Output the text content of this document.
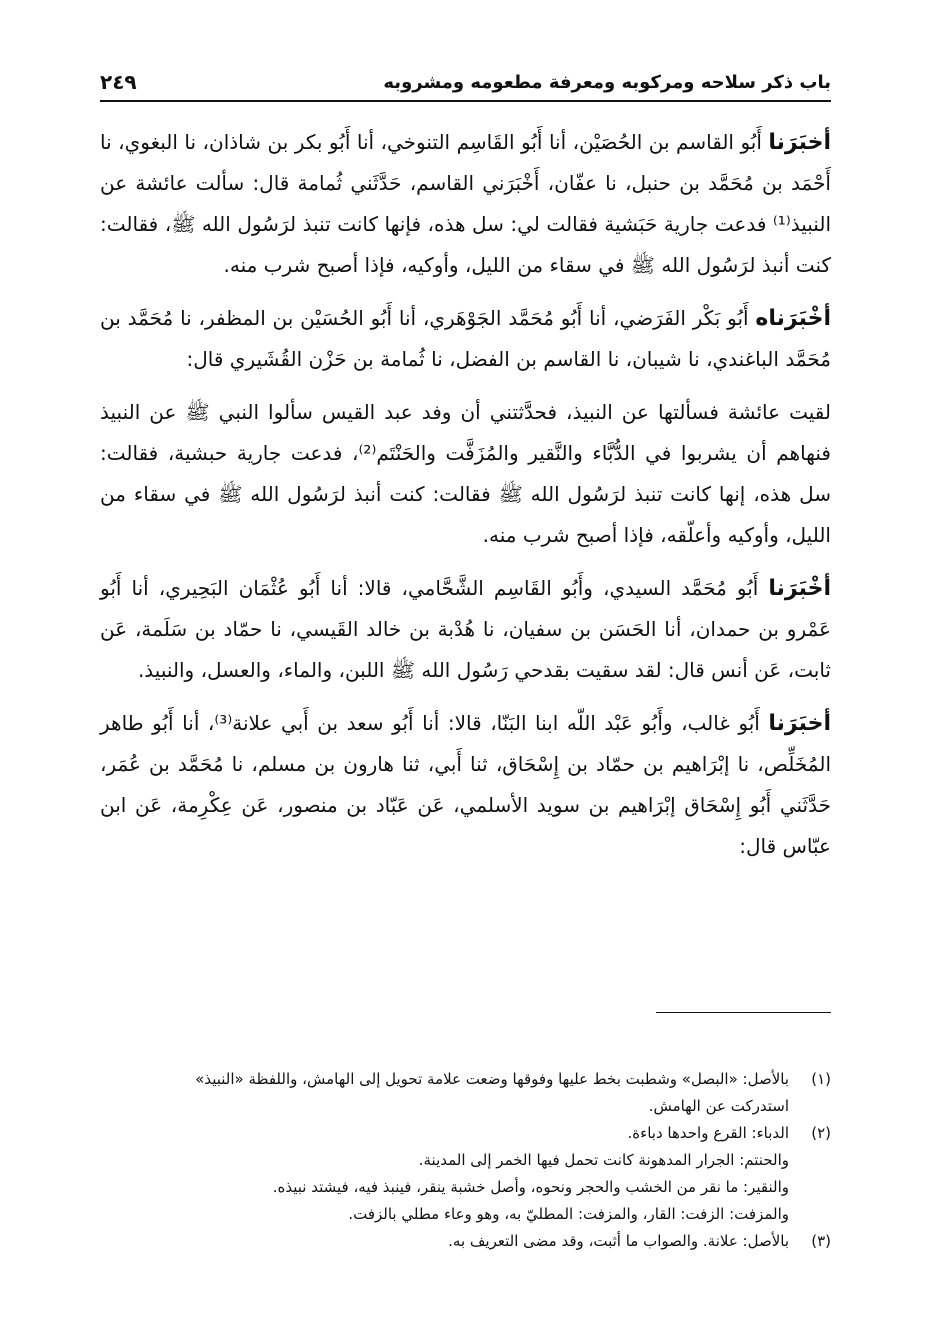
باب ذكر سلاحه ومركوبه ومعرفة مطعومه ومشروبه
٢٤٩

أخبَرَنا أَبُو القاسم بن الحُصَيْن، أنا أَبُو القَاسِم التنوخي، أنا أَبُو بكر بن شاذان، نا البغوي، نا أَحْمَد بن مُحَمَّد بن حنبل، نا عفّان، أَخْبَرَني القاسم، حَدَّثَني ثُمامة قال: سألت عائشة عن النبيذ⁽¹⁾ فدعت جارية حَبَشية فقالت لي: سل هذه، فإنها كانت تنبذ لرَسُول الله ﷺ، فقالت: كنت أنبذ لرَسُول الله ﷺ في سقاء من الليل، وأوكيه، فإذا أصبح شرب منه.

أخْبَرَناه أَبُو بَكْر الفَرَضي، أنا أَبُو مُحَمَّد الجَوْهَري، أنا أَبُو الحُسَيْن بن المظفر، نا مُحَمَّد بن مُحَمَّد الباغندي، نا شيبان، نا القاسم بن الفضل، نا ثُمامة بن حَزْن القُشَيري قال:

لقيت عائشة فسألتها عن النبيذ، فحدَّثتني أن وفد عبد القيس سألوا النبي ﷺ عن النبيذ فنهاهم أن يشربوا في الدُّبَّاء والنَّقير والمُزَفَّت والحَنْتَم⁽²⁾، فدعت جارية حبشية، فقالت: سل هذه، إنها كانت تنبذ لرَسُول الله ﷺ فقالت: كنت أنبذ لرَسُول الله ﷺ في سقاء من الليل، وأوكيه وأعلّقه، فإذا أصبح شرب منه.

أخْبَرَنا أَبُو مُحَمَّد السيدي، وأَبُو القَاسِم الشَّحَّامي، قالا: أنا أَبُو عُثْمَان البَحِيري، أنا أَبُو عَمْرو بن حمدان، أنا الحَسَن بن سفيان، نا هُدْبة بن خالد القَيسي، نا حمّاد بن سَلَمة، عَن ثابت، عَن أنس قال: لقد سقيت بقدحي رَسُول الله ﷺ اللبن، والماء، والعسل، والنبيذ.

أخبَرَنا أَبُو غالب، وأَبُو عَبْد اللّه ابنا البَنّا، قالا: أنا أَبُو سعد بن أَبي علانة⁽³⁾، أنا أَبُو طاهر المُخَلِّص، نا إبْرَاهيم بن حمّاد بن إِسْحَاق، ثنا أَبي، ثنا هارون بن مسلم، نا مُحَمَّد بن عُمَر، حَدَّثَني أَبُو إِسْحَاق إبْرَاهيم بن سويد الأسلمي، عَن عَبّاد بن منصور، عَن عِكْرِمة، عَن ابن عبّاس قال:

(١)
بالأصل: «البصل» وشطبت بخط عليها وفوقها وضعت علامة تحويل إلى الهامش، واللفظة «النبيذ»
استدركت عن الهامش.
(٢)
الدباء: القرع واحدها دباءة.
والحنتم: الجرار المدهونة كانت تحمل فيها الخمر إلى المدينة.
والنقير: ما نقر من الخشب والحجر ونحوه، وأصل خشبة ينقر، فينبذ فيه، فيشتد نبيذه.
والمزفت: الزفت: القار، والمزفت: المطليّ به، وهو وعاء مطلي بالزفت.
(٣)
بالأصل: علانة. والصواب ما أثبت، وقد مضى التعريف به.
